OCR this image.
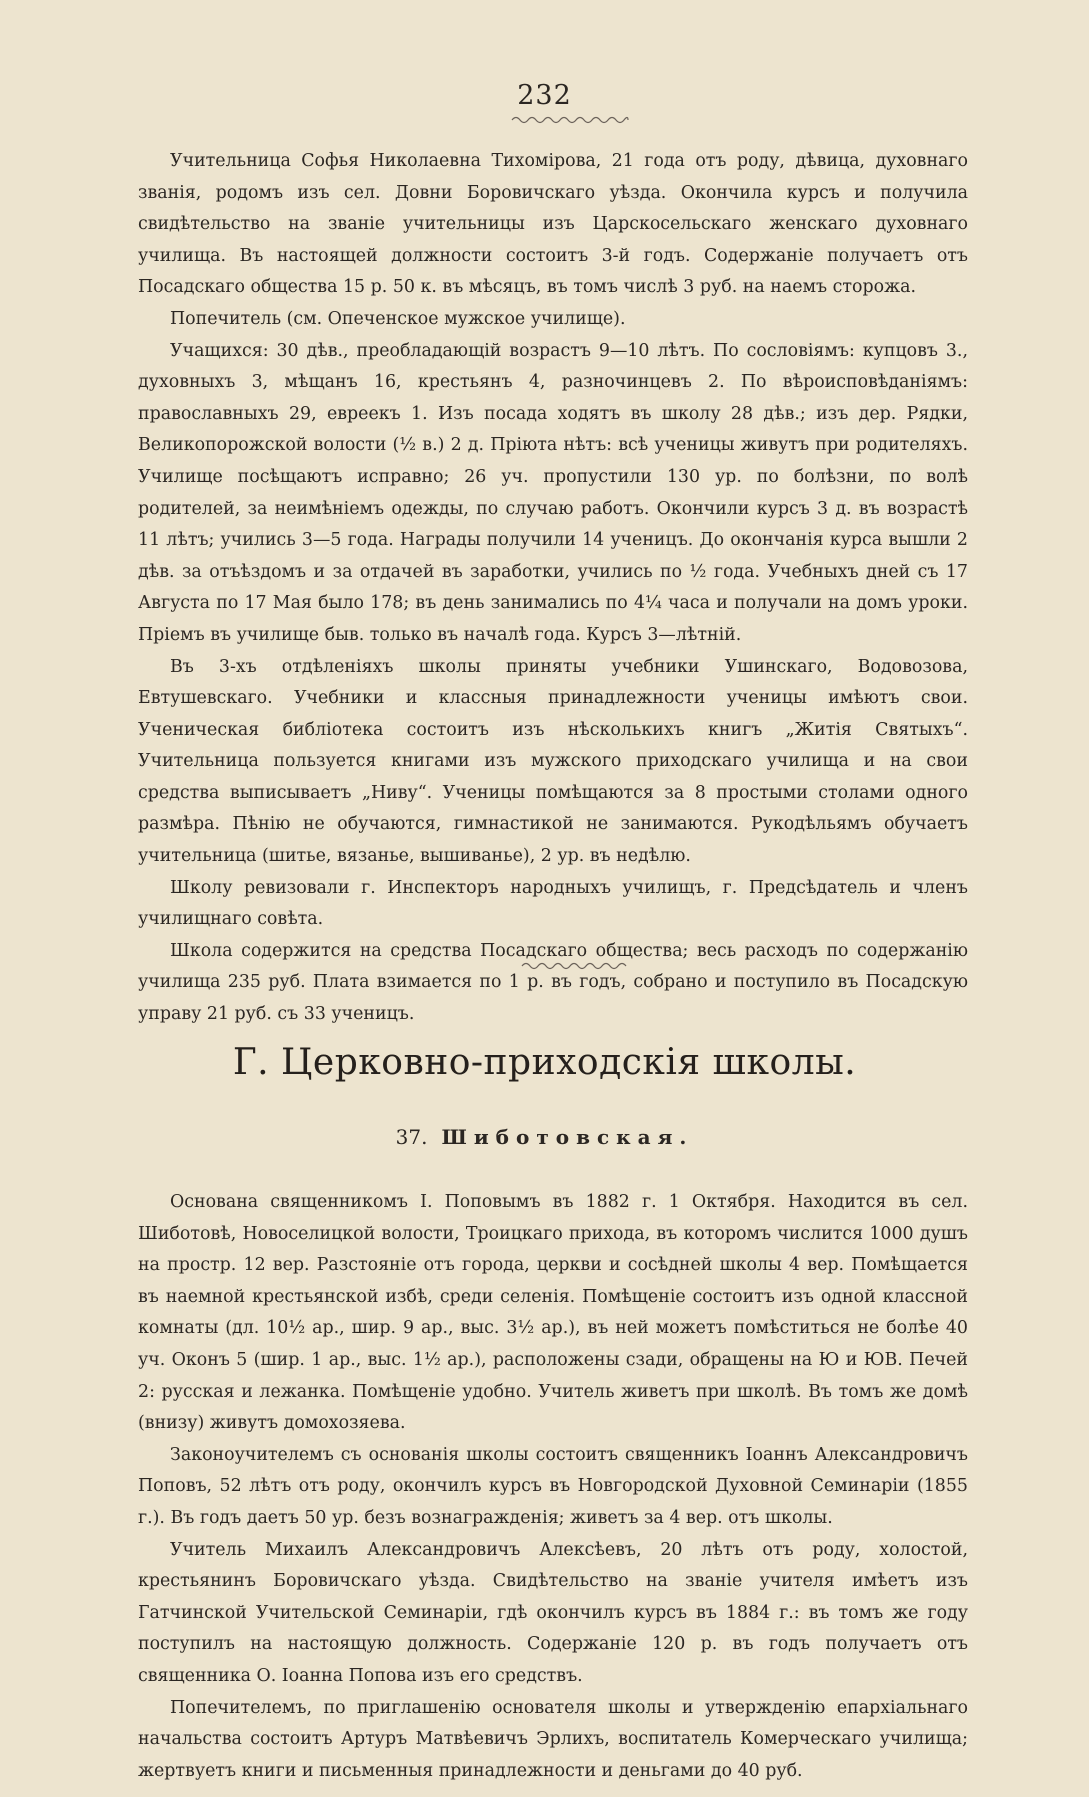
232

Учительница Софья Николаевна Тихомірова, 21 года отъ роду, дѣвица, духовнаго званія, родомъ изъ сел. Довни Боровичскаго уѣзда. Окончила курсъ и получила свидѣтельство на званіе учительницы изъ Царскосельскаго женскаго духовнаго училища. Въ настоящей должности состоитъ 3-й годъ. Содержаніе получаетъ отъ Посадскаго общества 15 р. 50 к. въ мѣсяцъ, въ томъ числѣ 3 руб. на наемъ сторожа.

Попечитель (см. Опеченское мужское училище).

Учащихся: 30 дѣв., преобладающій возрастъ 9—10 лѣтъ. По сословіямъ: купцовъ 3., духовныхъ 3, мѣщанъ 16, крестьянъ 4, разночинцевъ 2. По вѣроисповѣданіямъ: православныхъ 29, евреекъ 1. Изъ посада ходятъ въ школу 28 дѣв.; изъ дер. Рядки, Великопорожской волости (½ в.) 2 д. Пріюта нѣтъ: всѣ ученицы живутъ при родителяхъ. Училище посѣщаютъ исправно; 26 уч. пропустили 130 ур. по болѣзни, по волѣ родителей, за неимѣніемъ одежды, по случаю работъ. Окончили курсъ 3 д. въ возрастѣ 11 лѣтъ; учились 3—5 года. Награды получили 14 ученицъ. До окончанія курса вышли 2 дѣв. за отъѣздомъ и за отдачей въ заработки, учились по ½ года. Учебныхъ дней съ 17 Августа по 17 Мая было 178; въ день занимались по 4¼ часа и получали на домъ уроки. Пріемъ въ училище быв. только въ началѣ года. Курсъ 3—лѣтній.

Въ 3-хъ отдѣленіяхъ школы приняты учебники Ушинскаго, Водовозова, Евтушевскаго. Учебники и классныя принадлежности ученицы имѣютъ свои. Ученическая библіотека состоитъ изъ нѣсколькихъ книгъ „Житія Святыхъ“. Учительница пользуется книгами изъ мужского приходскаго училища и на свои средства выписываетъ „Ниву“. Ученицы помѣщаются за 8 простыми столами одного размѣра. Пѣнію не обучаются, гимнастикой не занимаются. Рукодѣльямъ обучаетъ учительница (шитье, вязанье, вышиванье), 2 ур. въ недѣлю.

Школу ревизовали г. Инспекторъ народныхъ училищъ, г. Предсѣдатель и членъ училищнаго совѣта.

Школа содержится на средства Посадскаго общества; весь расходъ по содержанію училища 235 руб. Плата взимается по 1 р. въ годъ, собрано и поступило въ Посадскую управу 21 руб. съ 33 ученицъ.

Г. Церковно-приходскія школы.
37. Шиботовская.

Основана священникомъ І. Поповымъ въ 1882 г. 1 Октября. Находится въ сел. Шиботовѣ, Новоселицкой волости, Троицкаго прихода, въ которомъ числится 1000 душъ на простр. 12 вер. Разстояніе отъ города, церкви и сосѣдней школы 4 вер. Помѣщается въ наемной крестьянской избѣ, среди селенія. Помѣщеніе состоитъ изъ одной классной комнаты (дл. 10½ ар., шир. 9 ар., выс. 3½ ар.), въ ней можетъ помѣститься не болѣе 40 уч. Оконъ 5 (шир. 1 ар., выс. 1½ ар.), расположены сзади, обращены на Ю и ЮВ. Печей 2: русская и лежанка. Помѣщеніе удобно. Учитель живетъ при школѣ. Въ томъ же домѣ (внизу) живутъ домохозяева.

Законоучителемъ съ основанія школы состоитъ священникъ Іоаннъ Александровичъ Поповъ, 52 лѣтъ отъ роду, окончилъ курсъ въ Новгородской Духовной Семинаріи (1855 г.). Въ годъ даетъ 50 ур. безъ вознагражденія; живетъ за 4 вер. отъ школы.

Учитель Михаилъ Александровичъ Алексѣевъ, 20 лѣтъ отъ роду, холостой, крестьянинъ Боровичскаго уѣзда. Свидѣтельство на званіе учителя имѣетъ изъ Гатчинской Учительской Семинаріи, гдѣ окончилъ курсъ въ 1884 г.: въ томъ же году поступилъ на настоящую должность. Содержаніе 120 р. въ годъ получаетъ отъ священника О. Іоанна Попова изъ его средствъ.

Попечителемъ, по приглашенію основателя школы и утвержденію епархіальнаго начальства состоитъ Артуръ Матвѣевичъ Эрлихъ, воспитатель Комерческаго училища; жертвуетъ книги и письменныя принадлежности и деньгами до 40 руб.
